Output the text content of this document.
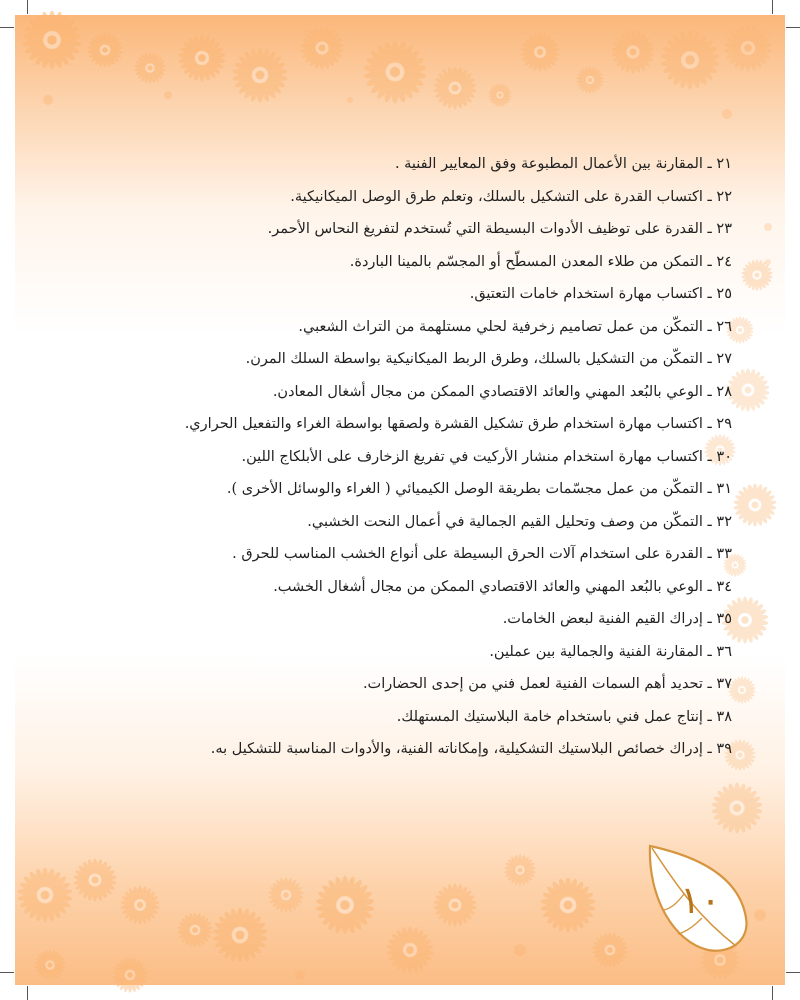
٢١ ـ المقارنة بين الأعمال المطبوعة وفق المعايير الفنية .
٢٢ ـ اكتساب القدرة على التشكيل بالسلك، وتعلم طرق الوصل الميكانيكية.
٢٣ ـ القدرة على توظيف الأدوات البسيطة التي تُستخدم لتفريغ النحاس الأحمر.
٢٤ ـ التمكن من طلاء المعدن المسطّح أو المجسّم بالمينا الباردة.
٢٥ ـ اكتساب مهارة استخدام خامات التعتيق.
٢٦ ـ التمكّن من عمل تصاميم زخرفية لحلي مستلهمة من التراث الشعبي.
٢٧ ـ التمكّن من التشكيل بالسلك، وطرق الربط الميكانيكية بواسطة السلك المرن.
٢٨ ـ الوعي بالبُعد المهني والعائد الاقتصادي الممكن من مجال أشغال المعادن.
٢٩ ـ اكتساب مهارة استخدام طرق تشكيل القشرة ولصقها بواسطة الغراء والتفعيل الحراري.
٣٠ ـ اكتساب مهارة استخدام منشار الأركيت في تفريغ الزخارف على الأبلكاج اللين.
٣١ ـ التمكّن من عمل مجسّمات بطريقة الوصل الكيميائي ( الغراء والوسائل الأخرى ).
٣٢ ـ التمكّن من وصف وتحليل القيم الجمالية في أعمال النحت الخشبي.
٣٣ ـ القدرة على استخدام آلات الحرق البسيطة على أنواع الخشب المناسب للحرق .
٣٤ ـ الوعي بالبُعد المهني والعائد الاقتصادي الممكن من مجال أشغال الخشب.
٣٥ ـ إدراك القيم الفنية لبعض الخامات.
٣٦ ـ المقارنة الفنية والجمالية بين عملين.
٣٧ ـ تحديد أهم السمات الفنية لعمل فني من إحدى الحضارات.
٣٨ ـ إنتاج عمل فني باستخدام خامة البلاستيك المستهلك.
٣٩ ـ إدراك خصائص البلاستيك التشكيلية، وإمكاناته الفنية، والأدوات المناسبة للتشكيل به.
١٠
